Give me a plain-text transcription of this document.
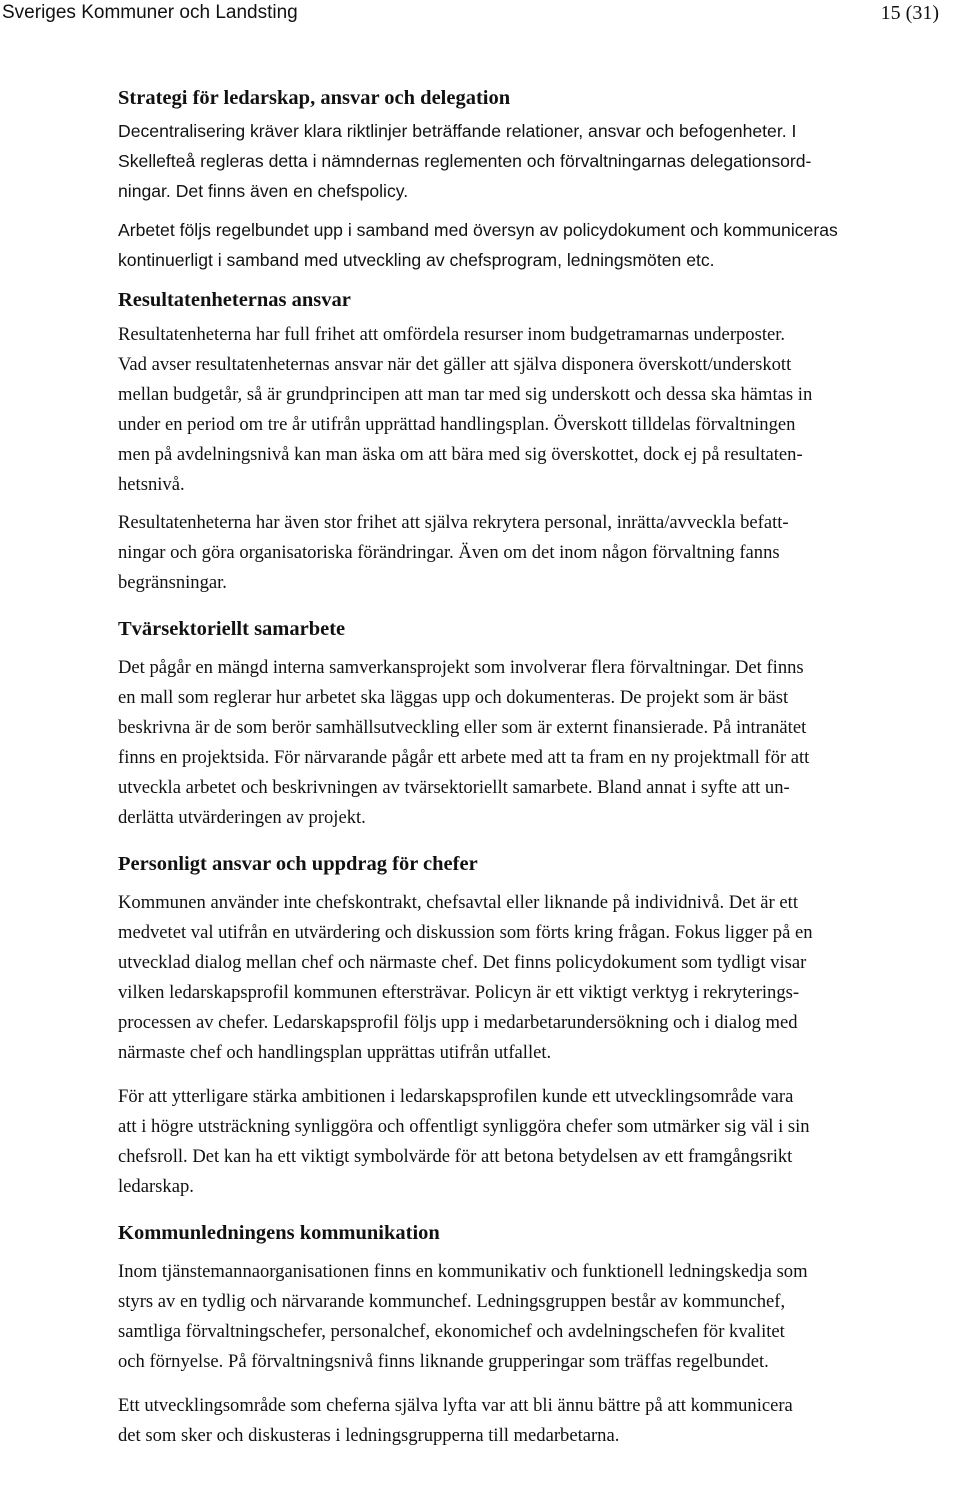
Sveriges Kommuner och Landsting	15 (31)
Strategi för ledarskap, ansvar och delegation
Decentralisering kräver klara riktlinjer beträffande relationer, ansvar och befogenheter. I
Skellefteå regleras detta i nämndernas reglementen och förvaltningarnas delegationsord-
ningar. Det finns även en chefspolicy.
Arbetet följs regelbundet upp i samband med översyn av policydokument och kommuniceras
kontinuerligt i samband med utveckling av chefsprogram, ledningsmöten etc.
Resultatenheternas ansvar
Resultatenheterna har full frihet att omfördela resurser inom budgetramarnas underposter.
Vad avser resultatenheternas ansvar när det gäller att själva disponera överskott/underskott
mellan budgetår, så är grundprincipen att man tar med sig underskott och dessa ska hämtas in
under en period om tre år utifrån upprättad handlingsplan. Överskott tilldelas förvaltningen
men på avdelningsnivå kan man äska om att bära med sig överskottet, dock ej på resultaten-
hetsnivå.
Resultatenheterna har även stor frihet att själva rekrytera personal, inrätta/avveckla befatt-
ningar och göra organisatoriska förändringar. Även om det inom någon förvaltning fanns
begränsningar.
Tvärsektoriellt samarbete
Det pågår en mängd interna samverkansprojekt som involverar flera förvaltningar. Det finns
en mall som reglerar hur arbetet ska läggas upp och dokumenteras. De projekt som är bäst
beskrivna är de som berör samhällsutveckling eller som är externt finansierade. På intranätet
finns en projektsida. För närvarande pågår ett arbete med att ta fram en ny projektmall för att
utveckla arbetet och beskrivningen av tvärsektoriellt samarbete. Bland annat i syfte att un-
derlätta utvärderingen av projekt.
Personligt ansvar och uppdrag för chefer
Kommunen använder inte chefskontrakt, chefsavtal eller liknande på individnivå. Det är ett
medvetet val utifrån en utvärdering och diskussion som förts kring frågan. Fokus ligger på en
utvecklad dialog mellan chef och närmaste chef. Det finns policydokument som tydligt visar
vilken ledarskapsprofil kommunen eftersträvar. Policyn är ett viktigt verktyg i rekryterings-
processen av chefer. Ledarskapsprofil följs upp i medarbetarundersökning och i dialog med
närmaste chef och handlingsplan upprättas utifrån utfallet.
För att ytterligare stärka ambitionen i ledarskapsprofilen kunde ett utvecklingsområde vara
att i högre utsträckning synliggöra och offentligt synliggöra chefer som utmärker sig väl i sin
chefsroll. Det kan ha ett viktigt symbolvärde för att betona betydelsen av ett framgångsrikt
ledarskap.
Kommunledningens kommunikation
Inom tjänstemannaorganisationen finns en kommunikativ och funktionell ledningskedja som
styrs av en tydlig och närvarande kommunchef. Ledningsgruppen består av kommunchef,
samtliga förvaltningschefer, personalchef, ekonomichef och avdelningschefen för kvalitet
och förnyelse. På förvaltningsnivå finns liknande grupperingar som träffas regelbundet.
Ett utvecklingsområde som cheferna själva lyfta var att bli ännu bättre på att kommunicera
det som sker och diskusteras i ledningsgrupperna till medarbetarna.
